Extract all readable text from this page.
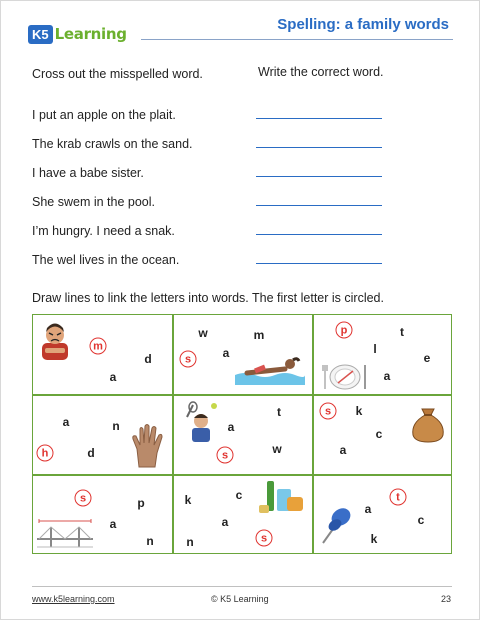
K5 Learning
Spelling: a family words
Cross out the misspelled word.	Write the correct word.
I put an apple on the plait.
The krab crawls on the sand.
I have a babe sister.
She swem in the pool.
I’m hungry. I need a snak.
The wel lives in the ocean.
Draw lines to link the letters into words. The first letter is circled.
m
d
a
w	m
s	a
p	t
l
e
a
a	n
h	d
t
a
s	w
s	k
c
a
s	p
a
n
k	c
a
n	s
t
a
c
k
www.k5learning.com	© K5 Learning	23
